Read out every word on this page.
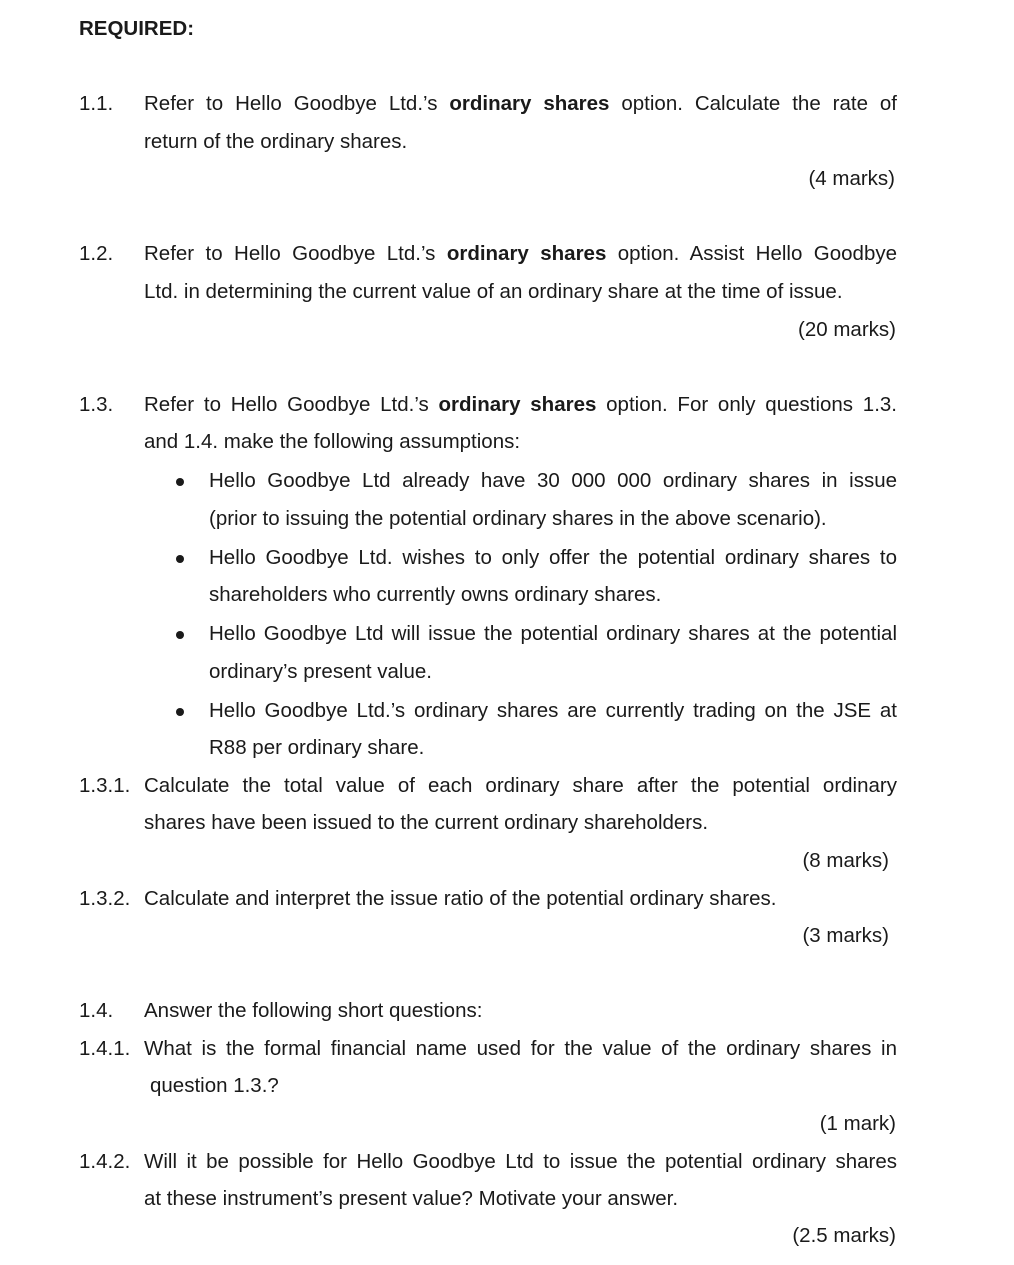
REQUIRED:
1.1. Refer to Hello Goodbye Ltd.’s ordinary shares option. Calculate the rate of
return of the ordinary shares.
(4 marks)
1.2. Refer to Hello Goodbye Ltd.’s ordinary shares option. Assist Hello Goodbye
Ltd. in determining the current value of an ordinary share at the time of issue.
(20 marks)
1.3. Refer to Hello Goodbye Ltd.’s ordinary shares option. For only questions 1.3.
and 1.4. make the following assumptions:
Hello Goodbye Ltd already have 30 000 000 ordinary shares in issue
(prior to issuing the potential ordinary shares in the above scenario).
Hello Goodbye Ltd. wishes to only offer the potential ordinary shares to
shareholders who currently owns ordinary shares.
Hello Goodbye Ltd will issue the potential ordinary shares at the potential
ordinary’s present value.
Hello Goodbye Ltd.’s ordinary shares are currently trading on the JSE at
R88 per ordinary share.
1.3.1. Calculate the total value of each ordinary share after the potential ordinary
shares have been issued to the current ordinary shareholders.
(8 marks)
1.3.2. Calculate and interpret the issue ratio of the potential ordinary shares.
(3 marks)
1.4. Answer the following short questions:
1.4.1. What is the formal financial name used for the value of the ordinary shares in
question 1.3.?
(1 mark)
1.4.2. Will it be possible for Hello Goodbye Ltd to issue the potential ordinary shares
at these instrument’s present value? Motivate your answer.
(2.5 marks)
